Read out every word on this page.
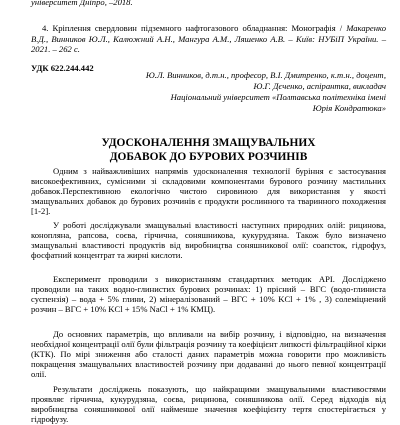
університет Дніпро, –2018.
4. Кріплення свердловин підземного нафтогазового обладнання: Монографія / Макаренко В.Д., Винников Ю.Л., Калюжний А.Н., Мангура А.М., Ляшенко А.В. – Київ: НУБіП України. – 2021. – 262 с.
УДК 622.244.442
Ю.Л. Винников, д.т.н., професор, В.І. Дмитренко, к.т.н., доцент,
Ю.Г. Дєченко, аспірантка, викладач
Національний університет «Полтавська політехніка імені
Юрія Кондратюка»
УДОСКОНАЛЕННЯ ЗМАЩУВАЛЬНИХ
ДОБАВОК ДО БУРОВИХ РОЗЧИНІВ
Одним з найважливіших напрямів удосконалення технології буріння є застосування високоефективних, сумісними зі складовими компонентами бурового розчину мастильних добавок.Перспективною екологічно чистою сировиною для використання у якості змащувальних добавок до бурових розчинів є продукти рослинного та тваринного походження [1-2].
У роботі досліджували змащувальні властивості наступних природних олій: рицинова, конопляна, рапсова, соєва, гірчична, соняшникова, кукурудзяна. Також було визначено змащувальні властивості продуктів від виробництва соняшникової олії: соапсток, гідрофуз, фосфатний концентрат та жирні кислоти.
Експеримент проводили з використанням стандартних методик API. Досліджено проводили на таких водно-глинистих бурових розчинах: 1) прісний – ВГС (водо-глиниста суспензія) – вода + 5% глини, 2) мінералізований – ВГС + 10% KCl + 1% , 3) солеміцнений розчин – ВГС + 10% KCl + 15% NaCl + 1% КМЦ).
До основних параметрів, що впливали на вибір розчину, і відповідно, на визначення необхідної концентрації олії були фільтрація розчину та коефіцієнт липкості фільтраційної кірки (КТК). По мірі зниження або сталості даних параметрів можна говорити про можливість покращення змащувальних властивостей розчину при додаванні до нього певної концентрації олії.
Результати досліджень показують, що найкращими змащувальними властивостями проявляє гірчична, кукурудзяна, соєва, рицинова, соняшникова олії. Серед відходів від виробництва соняшникової олії найменше значення коефіцієнту тертя спостерігається у гідрофузу.
